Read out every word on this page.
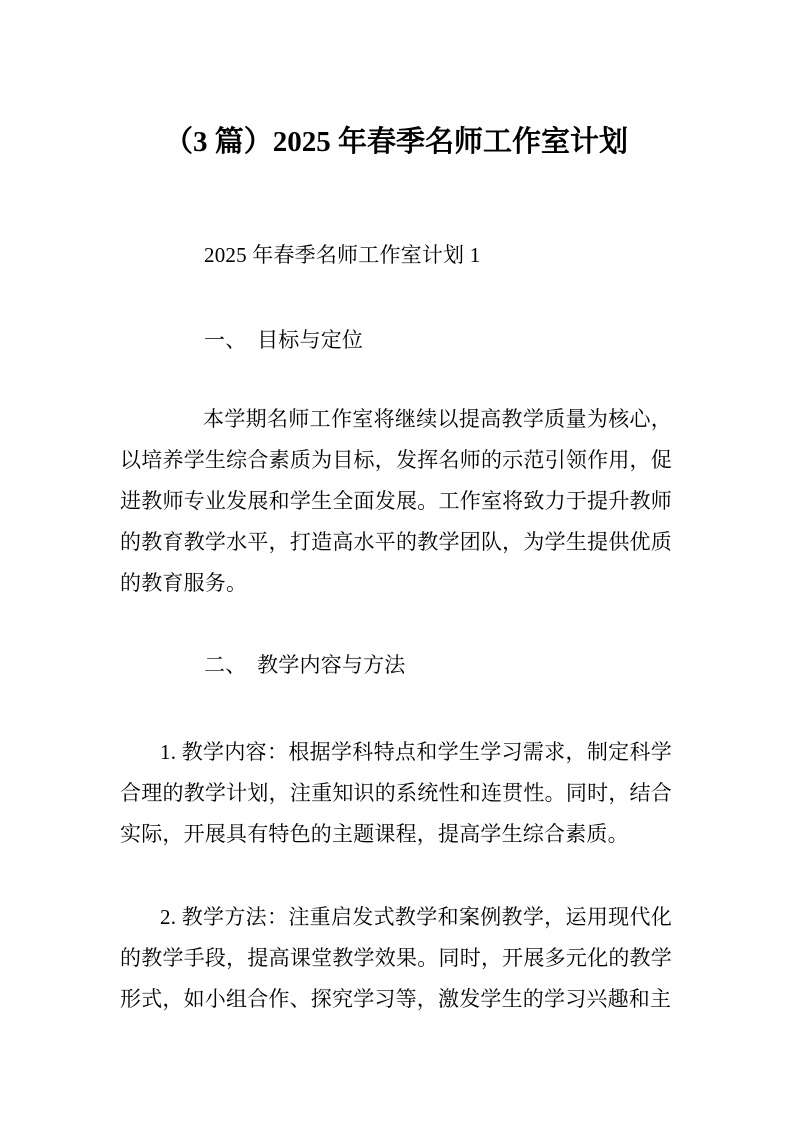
（3 篇）2025 年春季名师工作室计划

2025 年春季名师工作室计划 1

一、　目标与定位

本学期名师工作室将继续以提高教学质量为核心，以培养学生综合素质为目标，发挥名师的示范引领作用，促进教师专业发展和学生全面发展。工作室将致力于提升教师的教育教学水平，打造高水平的教学团队，为学生提供优质的教育服务。

二、　教学内容与方法

1. 教学内容：根据学科特点和学生学习需求，制定科学合理的教学计划，注重知识的系统性和连贯性。同时，结合实际，开展具有特色的主题课程，提高学生综合素质。

2. 教学方法：注重启发式教学和案例教学，运用现代化的教学手段，提高课堂教学效果。同时，开展多元化的教学形式，如小组合作、探究学习等，激发学生的学习兴趣和主
